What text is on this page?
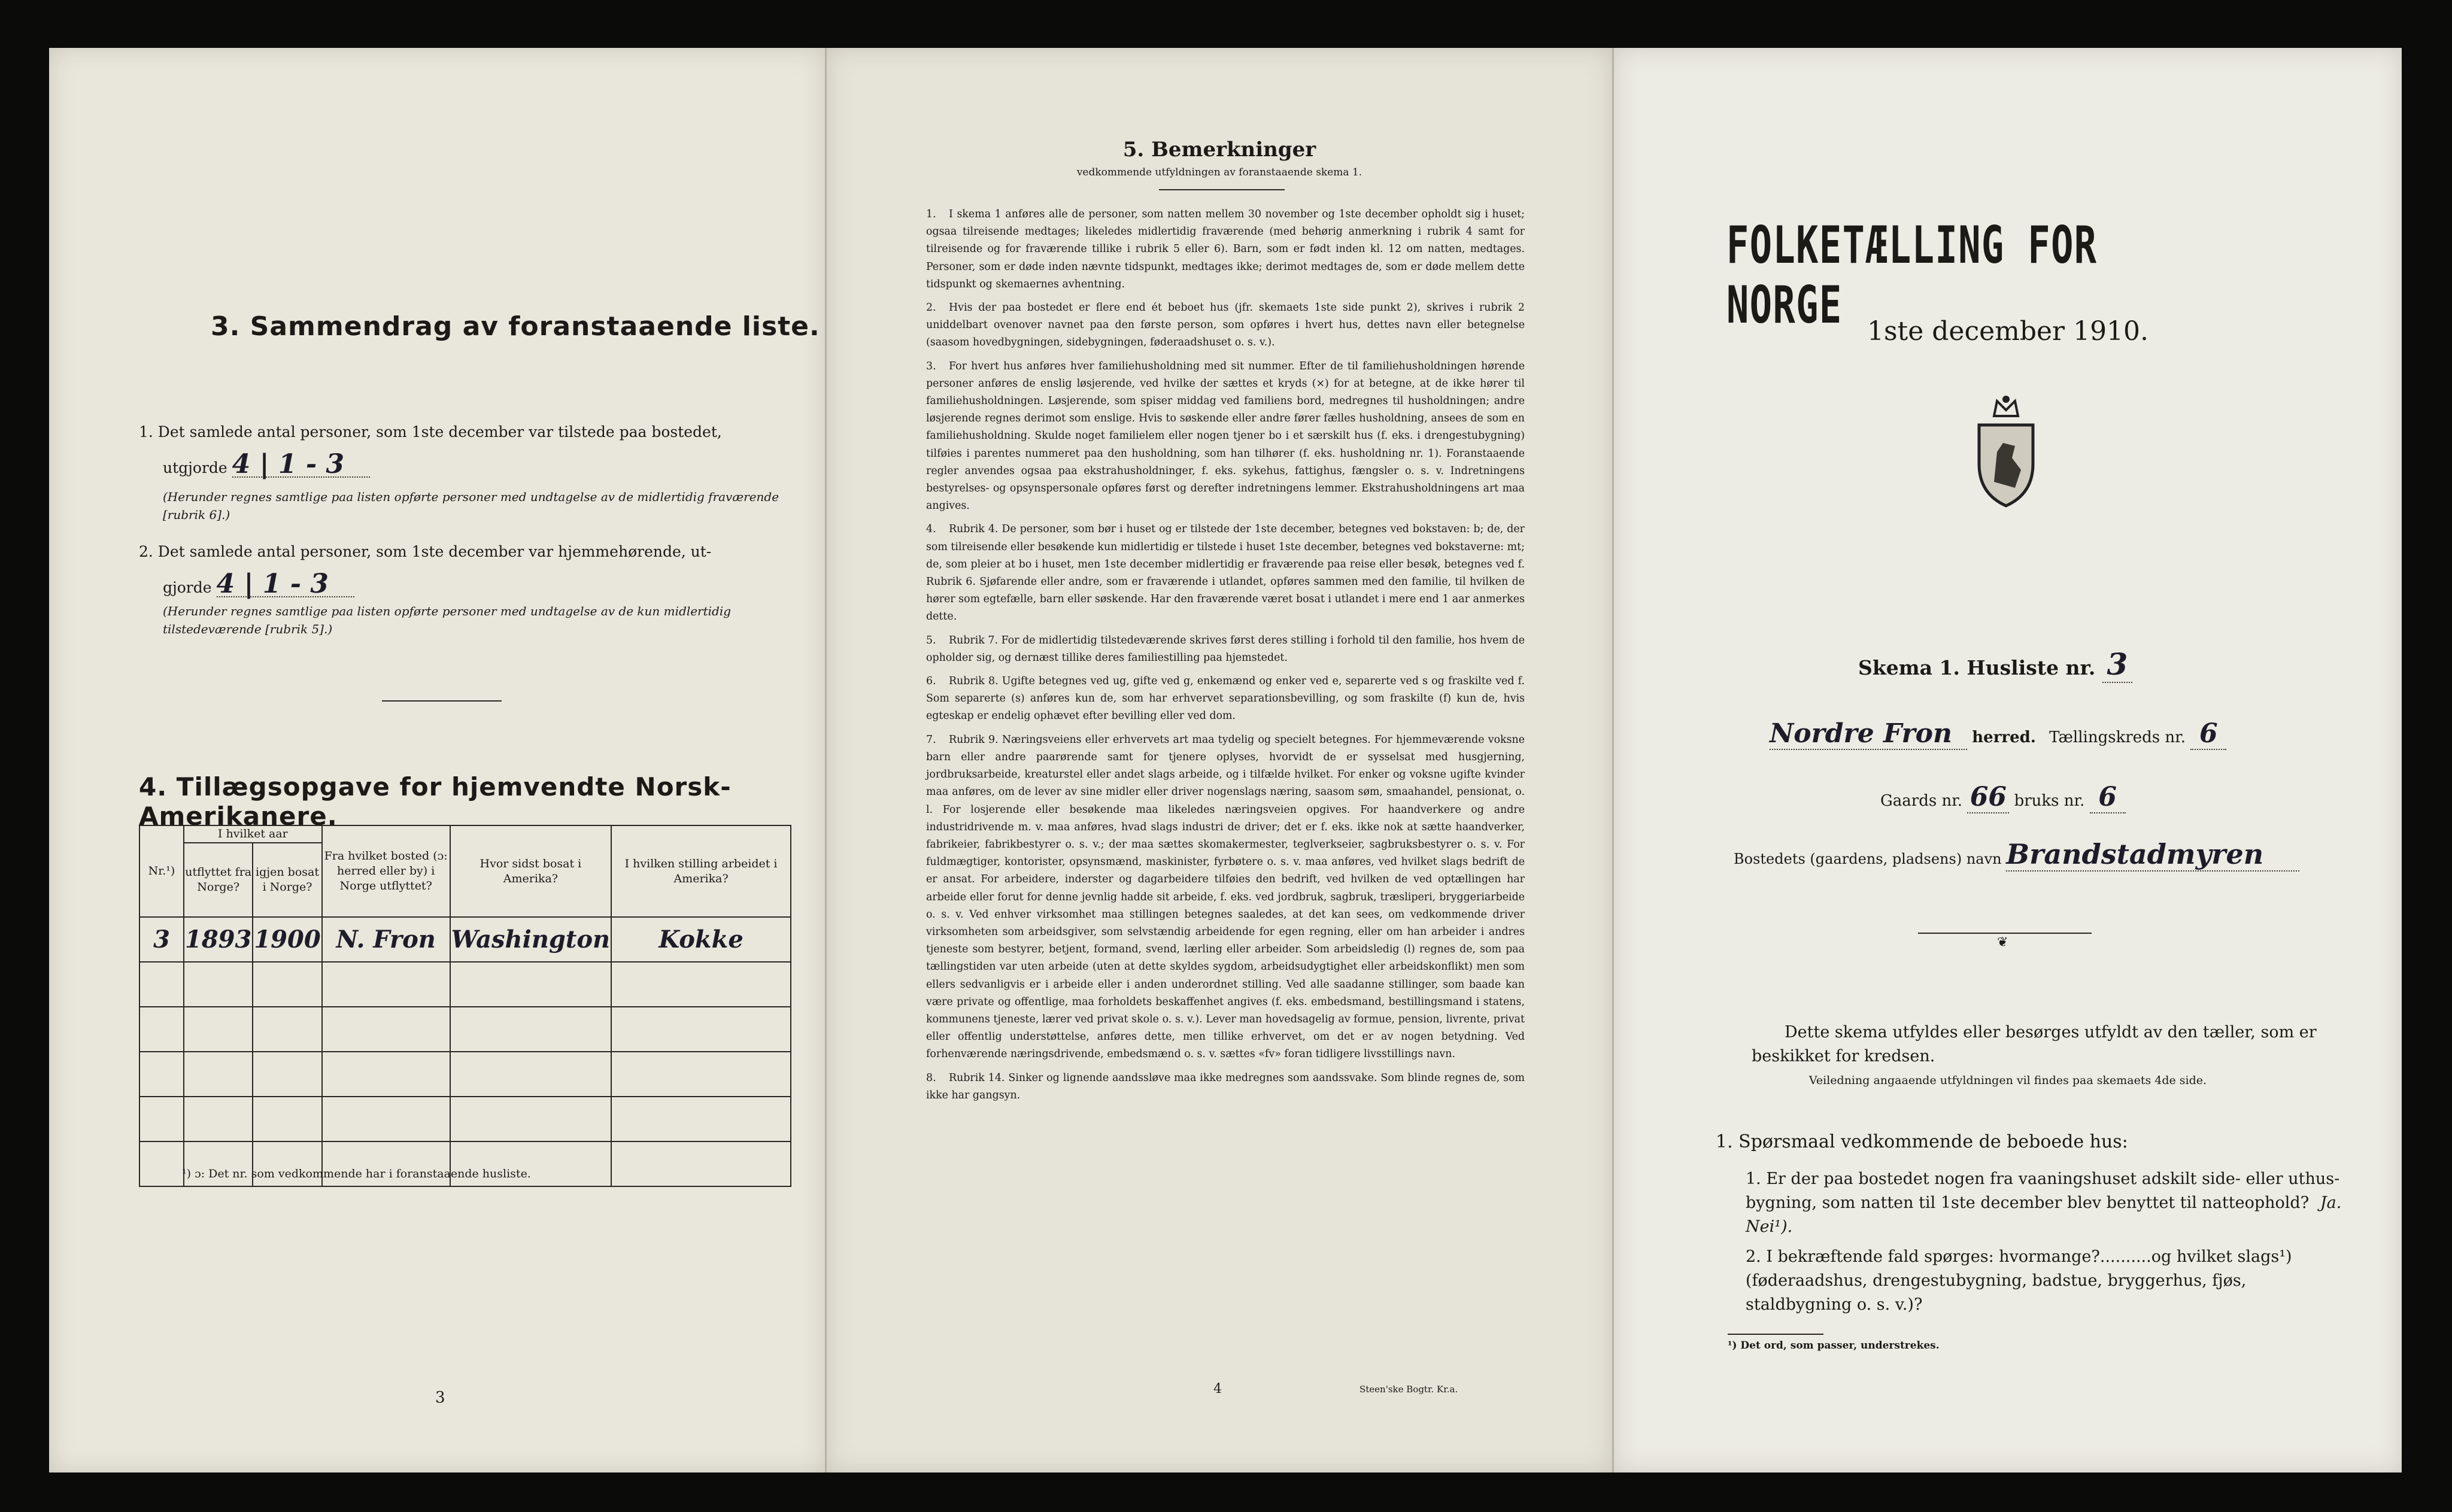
3. Sammendrag av foranstaaende liste.
1. Det samlede antal personer, som 1ste december var tilstede paa bostedet,
utgjorde 4 | 1 - 3
(Herunder regnes samtlige paa listen opførte personer med undtagelse av de midlertidig fraværende [rubrik 6].)
2. Det samlede antal personer, som 1ste december var hjemmehørende, ut-
gjorde 4 | 1 - 3
(Herunder regnes samtlige paa listen opførte personer med undtagelse av de kun midlertidig tilstedeværende [rubrik 5].)
4. Tillægsopgave for hjemvendte Norsk-Amerikanere.
Nr.¹)	I hvilket aar		Fra hvilket bosted (ɔ: herred eller by) i Norge utflyttet?	Hvor sidst bosat i Amerika?	I hvilken stilling arbeidet i Amerika?
	utflyttet fra Norge?	igjen bosat i Norge?			
3	1893	1900	N. Fron	Washington	Kokke

¹) ɔ: Det nr. som vedkommende har i foranstaaende husliste.
3
5. Bemerkninger
vedkommende utfyldningen av foranstaaende skema 1.

1. I skema 1 anføres alle de personer, som natten mellem 30 november og 1ste december opholdt sig i huset; ogsaa tilreisende medtages; likeledes midlertidig fraværende (med behørig anmerkning i rubrik 4 samt for tilreisende og for fraværende tillike i rubrik 5 eller 6). Barn, som er født inden kl. 12 om natten, medtages. Personer, som er døde inden nævnte tidspunkt, medtages ikke; derimot medtages de, som er døde mellem dette tidspunkt og skemaernes avhentning.

2. Hvis der paa bostedet er flere end ét beboet hus (jfr. skemaets 1ste side punkt 2), skrives i rubrik 2 uniddelbart ovenover navnet paa den første person, som opføres i hvert hus, dettes navn eller betegnelse (saasom hovedbygningen, sidebygningen, føderaadshuset o. s. v.).

3. For hvert hus anføres hver familiehusholdning med sit nummer. Efter de til familiehusholdningen hørende personer anføres de enslig løsjerende, ved hvilke der sættes et kryds (×) for at betegne, at de ikke hører til familiehusholdningen. Løsjerende, som spiser middag ved familiens bord, medregnes til husholdningen; andre løsjerende regnes derimot som enslige. Hvis to søskende eller andre fører fælles husholdning, ansees de som en familiehusholdning. Skulde noget familielem eller nogen tjener bo i et særskilt hus (f. eks. i drengestubygning) tilføies i parentes nummeret paa den husholdning, som han tilhører (f. eks. husholdning nr. 1). Foranstaaende regler anvendes ogsaa paa ekstrahusholdninger, f. eks. sykehus, fattighus, fængsler o. s. v. Indretningens bestyrelses- og opsynspersonale opføres først og derefter indretningens lemmer. Ekstrahusholdningens art maa angives.

4. Rubrik 4. De personer, som bør i huset og er tilstede der 1ste december, betegnes ved bokstaven: b; de, der som tilreisende eller besøkende kun midlertidig er tilstede i huset 1ste december, betegnes ved bokstaverne: mt; de, som pleier at bo i huset, men 1ste december midlertidig er fraværende paa reise eller besøk, betegnes ved f. Rubrik 6. Sjøfarende eller andre, som er fraværende i utlandet, opføres sammen med den familie, til hvilken de hører som egtefælle, barn eller søskende. Har den fraværende været bosat i utlandet i mere end 1 aar anmerkes dette.

5. Rubrik 7. For de midlertidig tilstedeværende skrives først deres stilling i forhold til den familie, hos hvem de opholder sig, og dernæst tillike deres familiestilling paa hjemstedet.

6. Rubrik 8. Ugifte betegnes ved ug, gifte ved g, enkemænd og enker ved e, separerte ved s og fraskilte ved f. Som separerte (s) anføres kun de, som har erhvervet separationsbevilling, og som fraskilte (f) kun de, hvis egteskap er endelig ophævet efter bevilling eller ved dom.

7. Rubrik 9. Næringsveiens eller erhvervets art maa tydelig og specielt betegnes. For hjemmeværende voksne barn eller andre paarørende samt for tjenere oplyses, hvorvidt de er sysselsat med husgjerning, jordbruksarbeide, kreaturstel eller andet slags arbeide, og i tilfælde hvilket. For enker og voksne ugifte kvinder maa anføres, om de lever av sine midler eller driver nogenslags næring, saasom søm, smaahandel, pensionat, o. l. For losjerende eller besøkende maa likeledes næringsveien opgives. For haandverkere og andre industridrivende m. v. maa anføres, hvad slags industri de driver; det er f. eks. ikke nok at sætte haandverker, fabrikeier, fabrikbestyrer o. s. v.; der maa sættes skomakermester, teglverkseier, sagbruksbestyrer o. s. v. For fuldmægtiger, kontorister, opsynsmænd, maskinister, fyrbøtere o. s. v. maa anføres, ved hvilket slags bedrift de er ansat. For arbeidere, inderster og dagarbeidere tilføies den bedrift, ved hvilken de ved optællingen har arbeide eller forut for denne jevnlig hadde sit arbeide, f. eks. ved jordbruk, sagbruk, træsliperi, bryggeriarbeide o. s. v. Ved enhver virksomhet maa stillingen betegnes saaledes, at det kan sees, om vedkommende driver virksomheten som arbeidsgiver, som selvstændig arbeidende for egen regning, eller om han arbeider i andres tjeneste som bestyrer, betjent, formand, svend, lærling eller arbeider. Som arbeidsledig (l) regnes de, som paa tællingstiden var uten arbeide (uten at dette skyldes sygdom, arbeidsudygtighet eller arbeidskonflikt) men som ellers sedvanligvis er i arbeide eller i anden underordnet stilling. Ved alle saadanne stillinger, som baade kan være private og offentlige, maa forholdets beskaffenhet angives (f. eks. embedsmand, bestillingsmand i statens, kommunens tjeneste, lærer ved privat skole o. s. v.). Lever man hovedsagelig av formue, pension, livrente, privat eller offentlig understøttelse, anføres dette, men tillike erhvervet, om det er av nogen betydning. Ved forhenværende næringsdrivende, embedsmænd o. s. v. sættes «fv» foran tidligere livsstillings navn.

8. Rubrik 14. Sinker og lignende aandssløve maa ikke medregnes som aandssvake. Som blinde regnes de, som ikke har gangsyn.

4	Steen'ske Bogtr. Kr.a.
FOLKETÆLLING FOR NORGE 1ste december 1910.
Skema 1. Husliste nr. 3
Nordre Fron herred. Tællingskreds nr. 6
Gaards nr. 66 bruks nr. 6
Bostedets (gaardens, pladsens) navn Brandstadmyren
❦
Dette skema utfyldes eller besørges utfyldt av den tæller, som er beskikket for kredsen.
Veiledning angaaende utfyldningen vil findes paa skemaets 4de side.
1. Spørsmaal vedkommende de beboede hus:
1. Er der paa bostedet nogen fra vaaningshuset adskilt side- eller uthus-bygning, som natten til 1ste december blev benyttet til natteophold? Ja. Nei¹).
2. I bekræftende fald spørges: hvormange?..........og hvilket slags¹) (føderaadshus, drengestubygning, badstue, bryggerhus, fjøs, staldbygning o. s. v.)?
¹) Det ord, som passer, understrekes.
